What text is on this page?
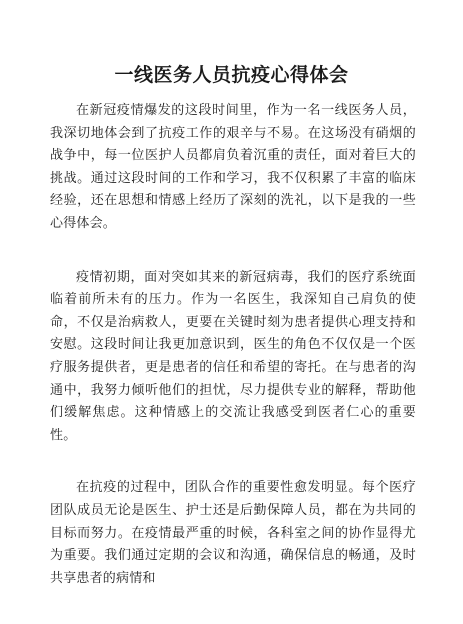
一线医务人员抗疫心得体会

在新冠疫情爆发的这段时间里，作为一名一线医务人员，我深切地体会到了抗疫工作的艰辛与不易。在这场没有硝烟的战争中，每一位医护人员都肩负着沉重的责任，面对着巨大的挑战。通过这段时间的工作和学习，我不仅积累了丰富的临床经验，还在思想和情感上经历了深刻的洗礼，以下是我的一些心得体会。

疫情初期，面对突如其来的新冠病毒，我们的医疗系统面临着前所未有的压力。作为一名医生，我深知自己肩负的使命，不仅是治病救人，更要在关键时刻为患者提供心理支持和安慰。这段时间让我更加意识到，医生的角色不仅仅是一个医疗服务提供者，更是患者的信任和希望的寄托。在与患者的沟通中，我努力倾听他们的担忧，尽力提供专业的解释，帮助他们缓解焦虑。这种情感上的交流让我感受到医者仁心的重要性。

在抗疫的过程中，团队合作的重要性愈发明显。每个医疗团队成员无论是医生、护士还是后勤保障人员，都在为共同的目标而努力。在疫情最严重的时候，各科室之间的协作显得尤为重要。我们通过定期的会议和沟通，确保信息的畅通，及时共享患者的病情和
